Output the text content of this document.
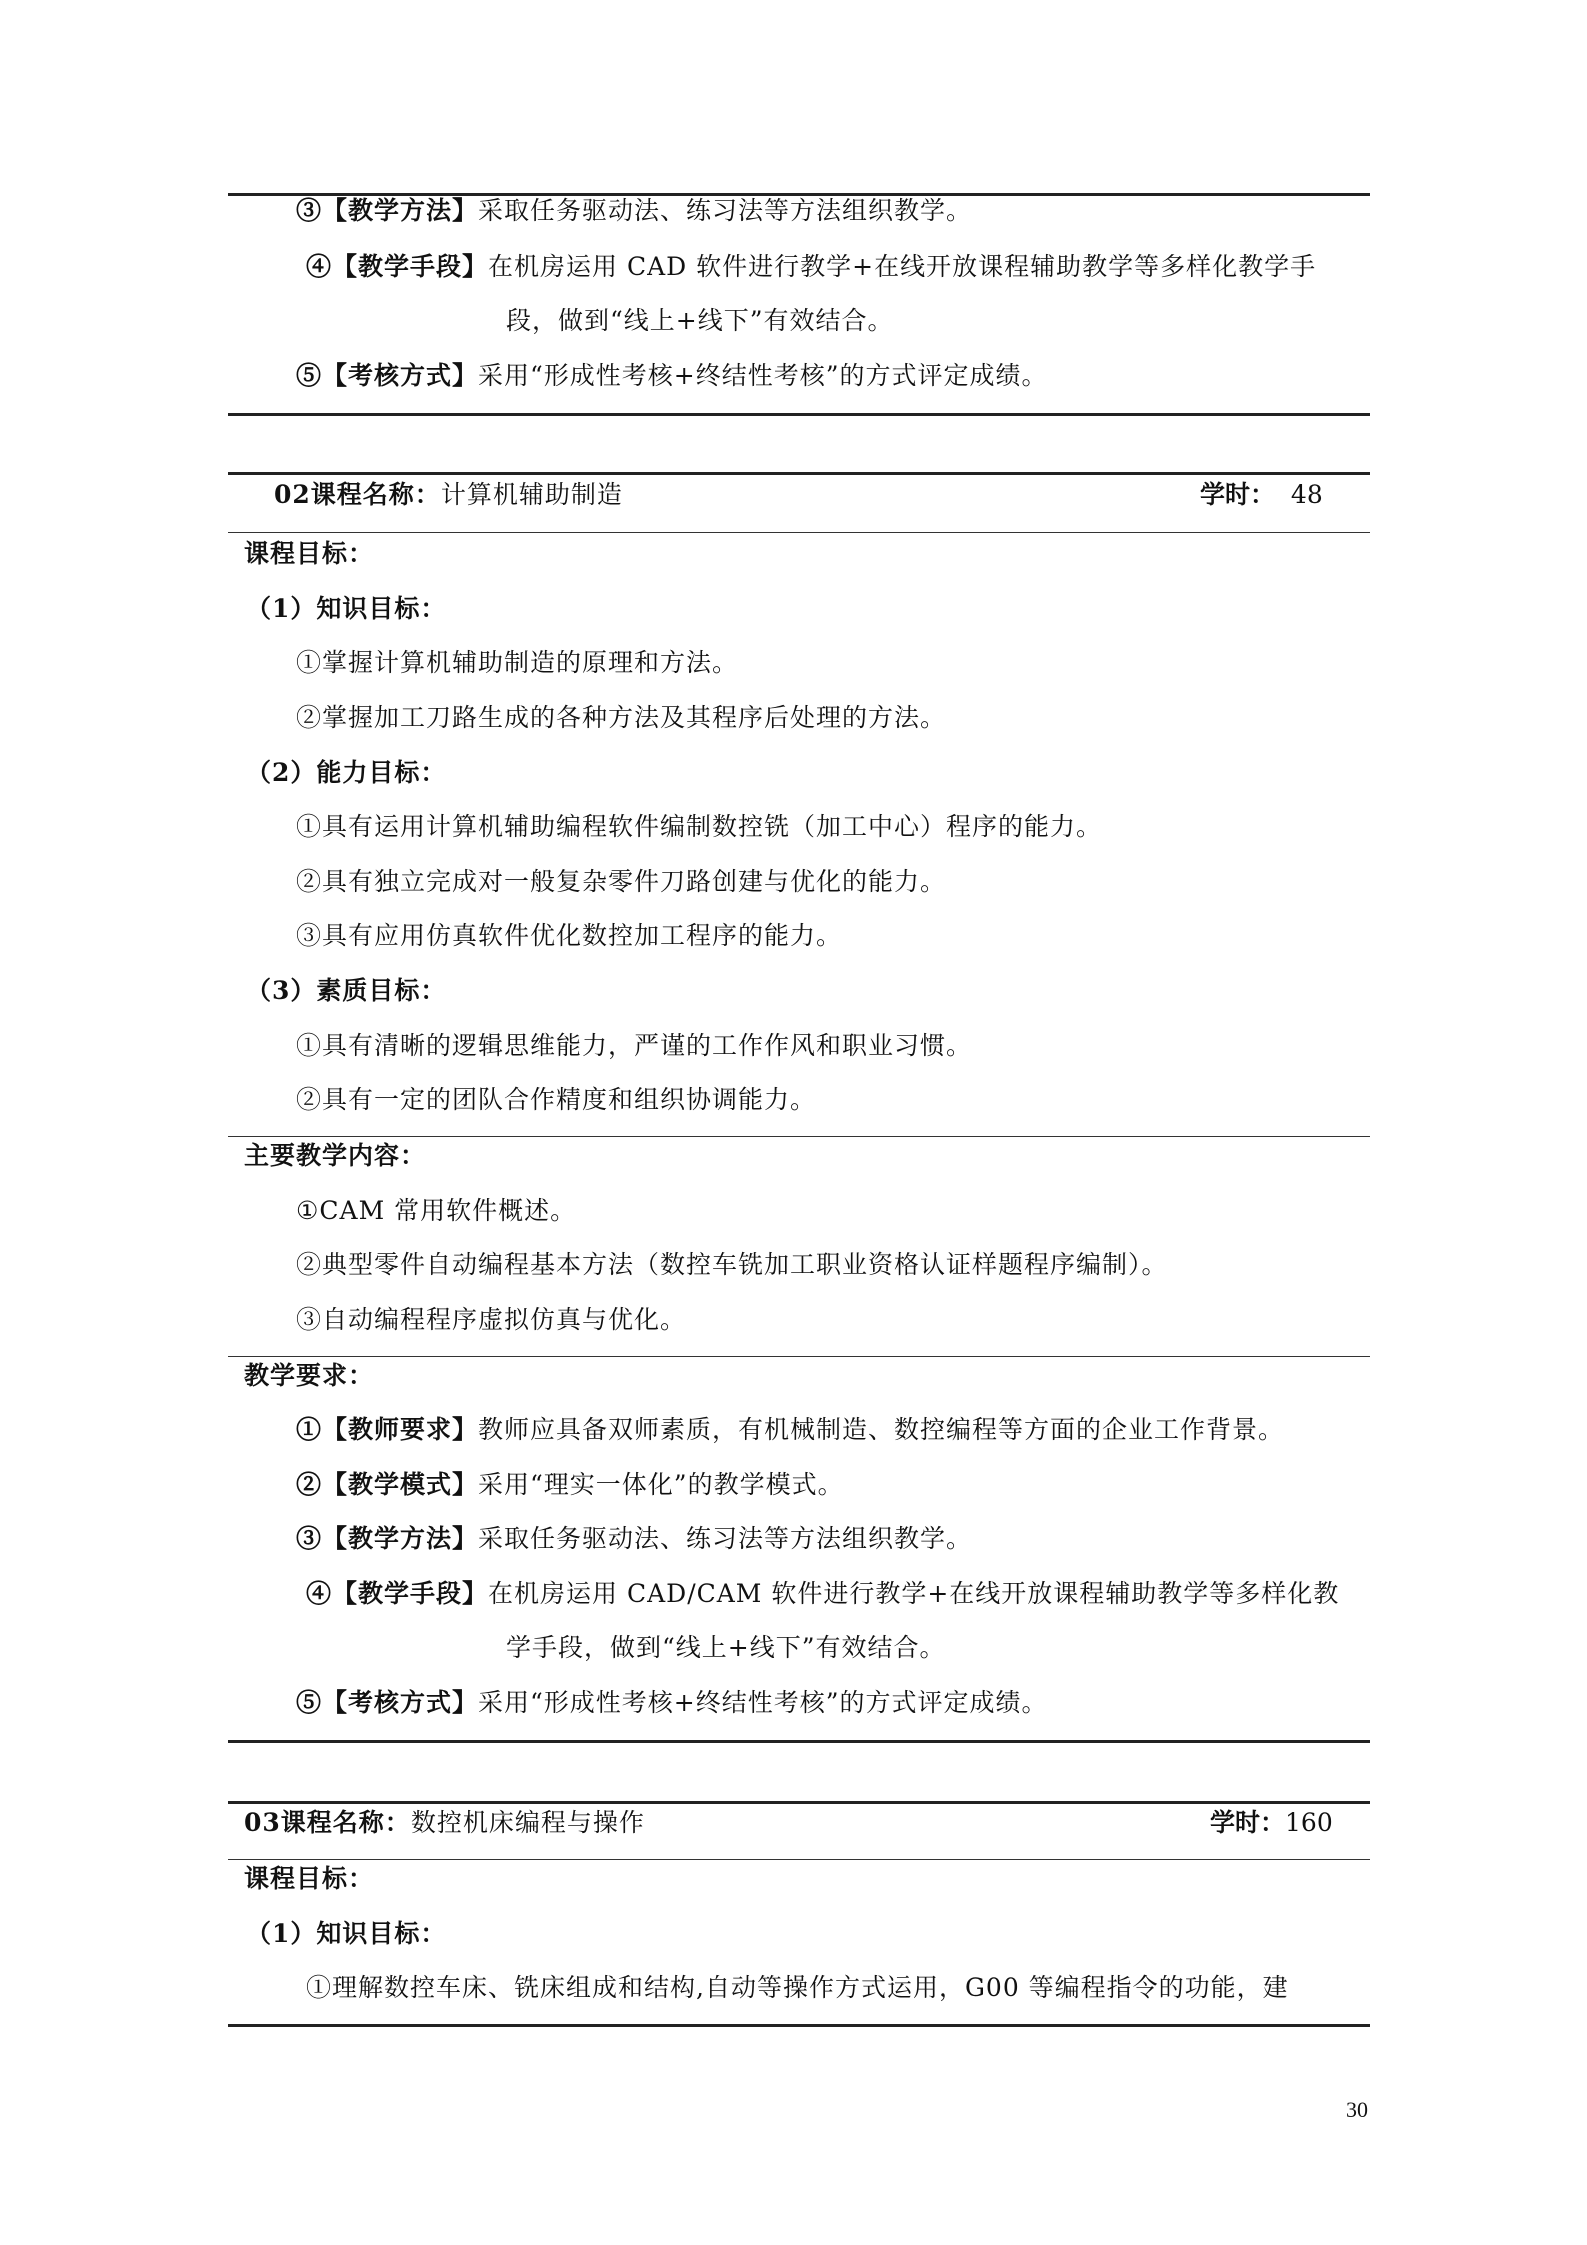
③【教学方法】采取任务驱动法、练习法等方法组织教学。
④【教学手段】在机房运用 CAD 软件进行教学+在线开放课程辅助教学等多样化教学手
段，做到“线上+线下”有效结合。
⑤【考核方式】采用“形成性考核+终结性考核”的方式评定成绩。
02课程名称：计算机辅助制造	学时： 48
课程目标：
（1）知识目标：
①掌握计算机辅助制造的原理和方法。
②掌握加工刀路生成的各种方法及其程序后处理的方法。
（2）能力目标：
①具有运用计算机辅助编程软件编制数控铣（加工中心）程序的能力。
②具有独立完成对一般复杂零件刀路创建与优化的能力。
③具有应用仿真软件优化数控加工程序的能力。
（3）素质目标：
①具有清晰的逻辑思维能力，严谨的工作作风和职业习惯。
②具有一定的团队合作精度和组织协调能力。
主要教学内容：
①CAM 常用软件概述。
②典型零件自动编程基本方法（数控车铣加工职业资格认证样题程序编制）。
③自动编程程序虚拟仿真与优化。
教学要求：
①【教师要求】教师应具备双师素质，有机械制造、数控编程等方面的企业工作背景。
②【教学模式】采用“理实一体化”的教学模式。
③【教学方法】采取任务驱动法、练习法等方法组织教学。
④【教学手段】在机房运用 CAD/CAM 软件进行教学+在线开放课程辅助教学等多样化教
学手段，做到“线上+线下”有效结合。
⑤【考核方式】采用“形成性考核+终结性考核”的方式评定成绩。
03课程名称：数控机床编程与操作	学时：160
课程目标：
（1）知识目标：
①理解数控车床、铣床组成和结构,自动等操作方式运用，G00 等编程指令的功能，建
30
